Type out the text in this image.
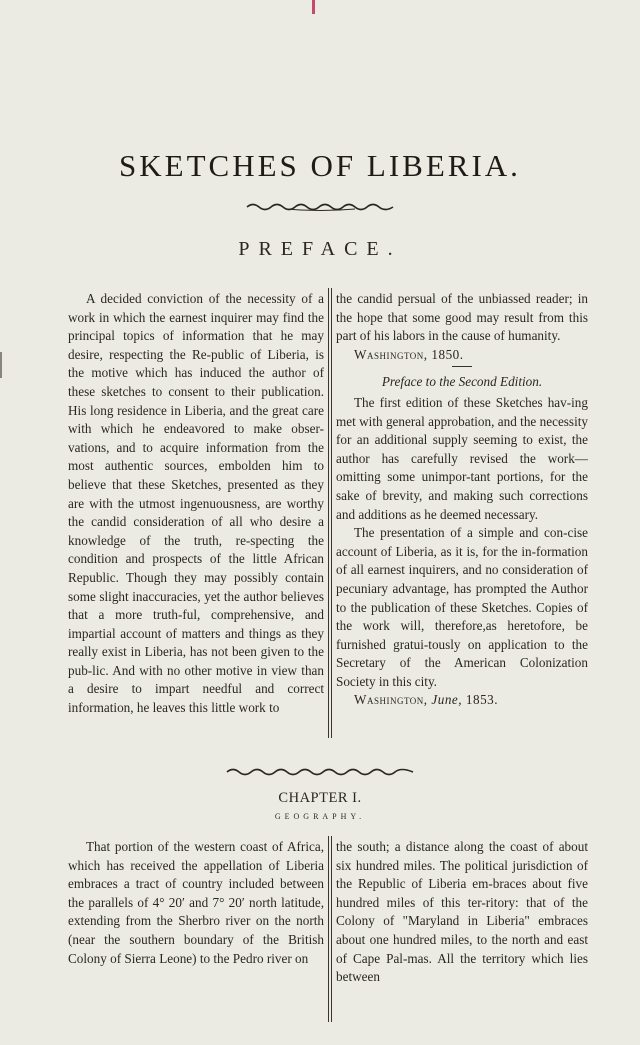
SKETCHES OF LIBERIA.
PREFACE.

A decided conviction of the necessity of a work in which the earnest inquirer may find the principal topics of information that he may desire, respecting the Re-public of Liberia, is the motive which has induced the author of these sketches to consent to their publication. His long residence in Liberia, and the great care with which he endeavored to make obser-vations, and to acquire information from the most authentic sources, embolden him to believe that these Sketches, presented as they are with the utmost ingenuousness, are worthy the candid consideration of all who desire a knowledge of the truth, re-specting the condition and prospects of the little African Republic. Though they may possibly contain some slight inaccuracies, yet the author believes that a more truth-ful, comprehensive, and impartial account of matters and things as they really exist in Liberia, has not been given to the pub-lic. And with no other motive in view than a desire to impart needful and correct information, he leaves this little work to

the candid persual of the unbiassed reader; in the hope that some good may result from this part of his labors in the cause of humanity.

Washington, 1850.

Preface to the Second Edition.

The first edition of these Sketches hav-ing met with general approbation, and the necessity for an additional supply seeming to exist, the author has carefully revised the work—omitting some unimpor-tant portions, for the sake of brevity, and making such corrections and additions as he deemed necessary.

The presentation of a simple and con-cise account of Liberia, as it is, for the in-formation of all earnest inquirers, and no consideration of pecuniary advantage, has prompted the Author to the publication of these Sketches. Copies of the work will, therefore,as heretofore, be furnished gratui-tously on application to the Secretary of the American Colonization Society in this city.

Washington, June, 1853.

CHAPTER I.
GEOGRAPHY.

That portion of the western coast of Africa, which has received the appellation of Liberia embraces a tract of country included between the parallels of 4° 20′ and 7° 20′ north latitude, extending from the Sherbro river on the north (near the southern boundary of the British Colony of Sierra Leone) to the Pedro river on

the south; a distance along the coast of about six hundred miles. The political jurisdiction of the Republic of Liberia em-braces about five hundred miles of this ter-ritory: that of the Colony of "Maryland in Liberia" embraces about one hundred miles, to the north and east of Cape Pal-mas. All the territory which lies between
